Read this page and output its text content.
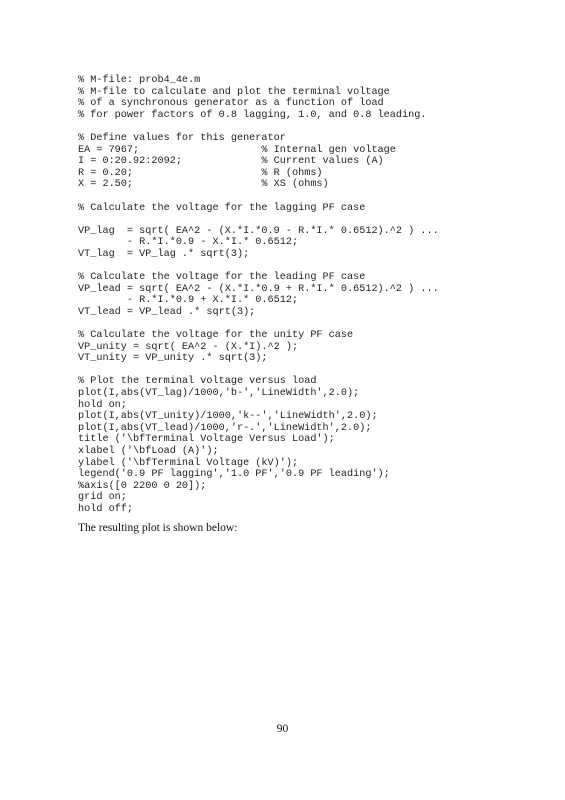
% M-file: prob4_4e.m
% M-file to calculate and plot the terminal voltage
% of a synchronous generator as a function of load
% for power factors of 0.8 lagging, 1.0, and 0.8 leading.
% Define values for this generator
EA = 7967;                    % Internal gen voltage
I = 0:20.92:2092;             % Current values (A)
R = 0.20;                     % R (ohms)
X = 2.50;                     % XS (ohms)
% Calculate the voltage for the lagging PF case
VP_lag  = sqrt( EA^2 - (X.*I.*0.9 - R.*I.* 0.6512).^2 ) ...
- R.*I.*0.9 - X.*I.* 0.6512;
VT_lag  = VP_lag .* sqrt(3);
% Calculate the voltage for the leading PF case
VP_lead = sqrt( EA^2 - (X.*I.*0.9 + R.*I.* 0.6512).^2 ) ...
- R.*I.*0.9 + X.*I.* 0.6512;
VT_lead = VP_lead .* sqrt(3);
% Calculate the voltage for the unity PF case
VP_unity = sqrt( EA^2 - (X.*I).^2 );
VT_unity = VP_unity .* sqrt(3);
% Plot the terminal voltage versus load
plot(I,abs(VT_lag)/1000,'b-','LineWidth',2.0);
hold on;
plot(I,abs(VT_unity)/1000,'k--','LineWidth',2.0);
plot(I,abs(VT_lead)/1000,'r-.','LineWidth',2.0);
title ('\bfTerminal Voltage Versus Load');
xlabel ('\bfLoad (A)');
ylabel ('\bfTerminal Voltage (kV)');
legend('0.9 PF lagging','1.0 PF','0.9 PF leading');
%axis([0 2200 0 20]);
grid on;
hold off;
The resulting plot is shown below:
90
